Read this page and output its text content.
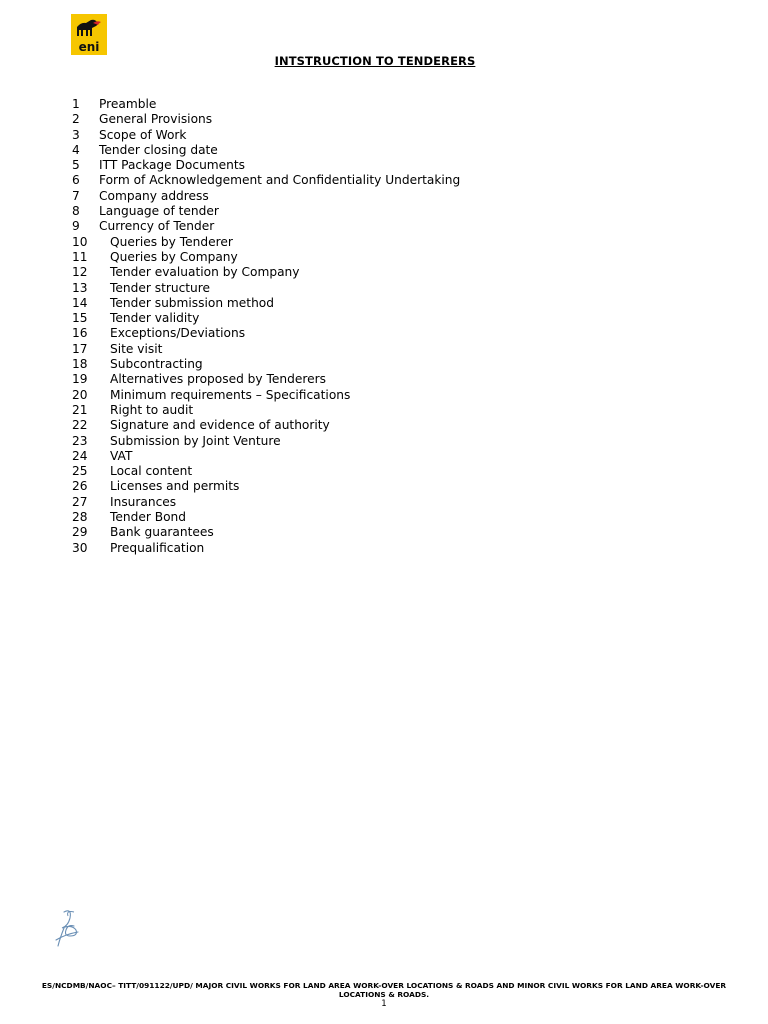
eni
INTSTRUCTION TO TENDERERS
1 Preamble
2 General Provisions
3 Scope of Work
4 Tender closing date
5 ITT Package Documents
6 Form of Acknowledgement and Confidentiality Undertaking
7 Company address
8 Language of tender
9 Currency of Tender
10 Queries by Tenderer
11 Queries by Company
12 Tender evaluation by Company
13 Tender structure
14 Tender submission method
15 Tender validity
16 Exceptions/Deviations
17 Site visit
18 Subcontracting
19 Alternatives proposed by Tenderers
20 Minimum requirements – Specifications
21 Right to audit
22 Signature and evidence of authority
23 Submission by Joint Venture
24 VAT
25 Local content
26 Licenses and permits
27 Insurances
28 Tender Bond
29 Bank guarantees
30 Prequalification
ES/NCDMB/NAOC– TITT/091122/UPD/ MAJOR CIVIL WORKS FOR LAND AREA WORK-OVER LOCATIONS & ROADS AND MINOR CIVIL WORKS FOR LAND AREA WORK-OVER LOCATIONS & ROADS.
1
